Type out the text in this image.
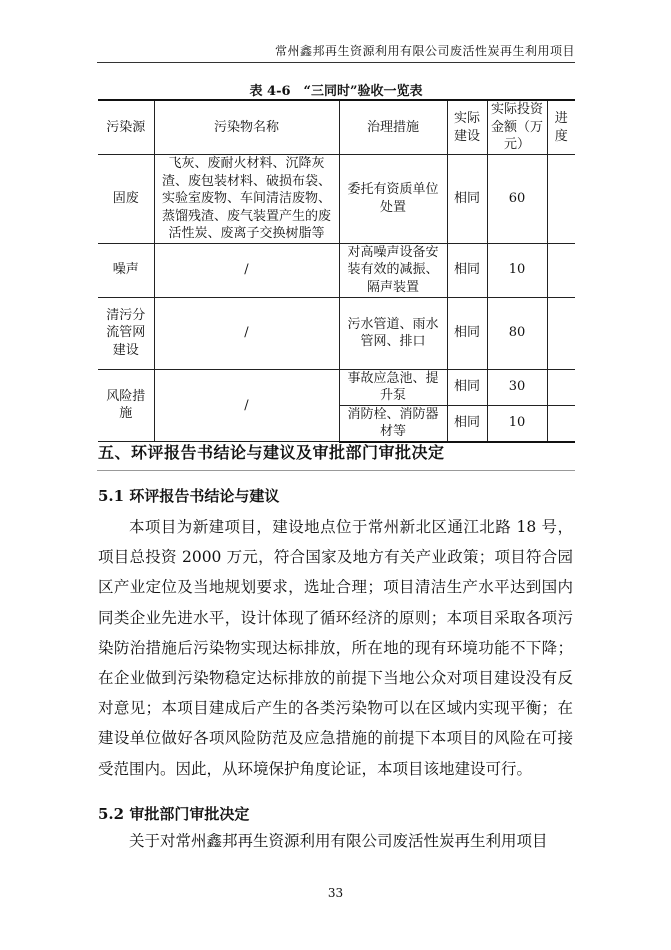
常州鑫邦再生资源利用有限公司废活性炭再生利用项目
表 4-6　“三同时”验收一览表
污染源	污染物名称	治理措施	实际建设	实际投资金额（万元）	进度
固废	飞灰、废耐火材料、沉降灰渣、废包装材料、破损布袋、实验室废物、车间清洁废物、蒸馏残渣、废气装置产生的废活性炭、废离子交换树脂等	委托有资质单位处置	相同	60	
噪声	/	对高噪声设备安装有效的减振、隔声装置	相同	10	
清污分流管网建设	/	污水管道、雨水管网、排口	相同	80	
风险措施	/	事故应急池、提升泵	相同	30	
		消防栓、消防器材等	相同	10	
五、环评报告书结论与建议及审批部门审批决定
5.1 环评报告书结论与建议

本项目为新建项目，建设地点位于常州新北区通江北路 18 号，项目总投资 2000 万元，符合国家及地方有关产业政策；项目符合园区产业定位及当地规划要求，选址合理；项目清洁生产水平达到国内同类企业先进水平，设计体现了循环经济的原则；本项目采取各项污染防治措施后污染物实现达标排放，所在地的现有环境功能不下降；在企业做到污染物稳定达标排放的前提下当地公众对项目建设没有反对意见；本项目建成后产生的各类污染物可以在区域内实现平衡；在建设单位做好各项风险防范及应急措施的前提下本项目的风险在可接受范围内。因此，从环境保护角度论证，本项目该地建设可行。

5.2 审批部门审批决定

关于对常州鑫邦再生资源利用有限公司废活性炭再生利用项目

33
